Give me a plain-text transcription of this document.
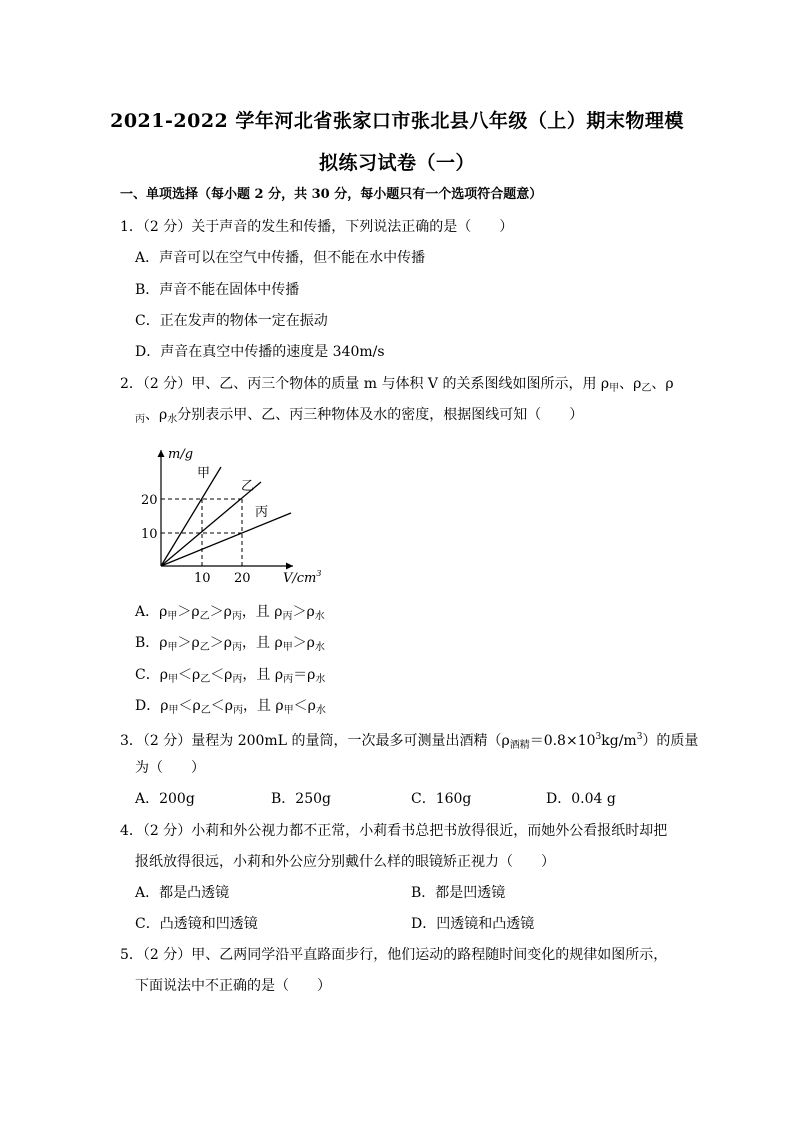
2021-2022 学年河北省张家口市张北县八年级（上）期末物理模
拟练习试卷（一）
一、单项选择（每小题 2 分，共 30 分，每小题只有一个选项符合题意）
1．（2 分）关于声音的发生和传播，下列说法正确的是（　　）
A．声音可以在空气中传播，但不能在水中传播
B．声音不能在固体中传播
C．正在发声的物体一定在振动
D．声音在真空中传播的速度是 340m/s
2．（2 分）甲、乙、丙三个物体的质量 m 与体积 V 的关系图线如图所示，用 $\rho_甲$、$\rho_乙$、ρ
$_丙$、$\rho_水$分别表示甲、乙、丙三种物体及水的密度，根据图线可知（　　）
m/g
$V/cm^3$
甲
乙
丙
20
10
10 20
A．$\rho_甲>\rho_乙>\rho_丙$，且 $\rho_丙>\rho_水$
B．$\rho_甲>\rho_乙>\rho_丙$，且 $\rho_甲>\rho_水$
C．$\rho_甲<\rho_乙<\rho_丙$，且 $\rho_丙=\rho_水$
D．$\rho_甲<\rho_乙<\rho_丙$，且 $\rho_甲<\rho_水$
3．（2 分）量程为 200mL 的量筒，一次最多可测量出酒精$(\rho_{酒精}=0.8\times 10^3kg/m^3)$的质量
为（　　）
A．200g	B．250g	C．160g	D．0.04 g
4．（2 分）小莉和外公视力都不正常，小莉看书总把书放得很近，而她外公看报纸时却把
报纸放得很远，小莉和外公应分别戴什么样的眼镜矫正视力（　　）
A．都是凸透镜	B．都是凹透镜
C．凸透镜和凹透镜	D．凹透镜和凸透镜
5．（2 分）甲、乙两同学沿平直路面步行，他们运动的路程随时间变化的规律如图所示，
下面说法中不正确的是（　　）
